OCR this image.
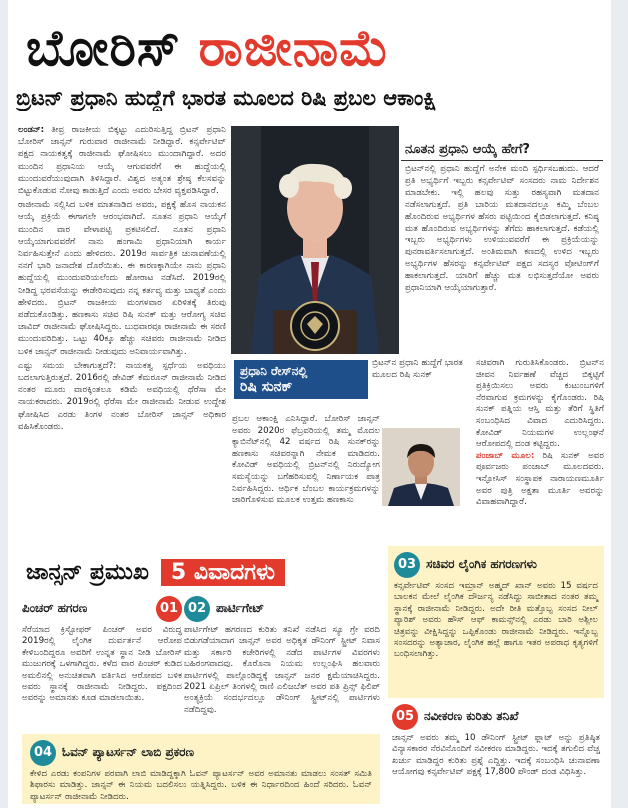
ಬೋರಿಸ್ ರಾಜೀನಾಮೆ
ಬ್ರಿಟನ್ ಪ್ರಧಾನಿ ಹುದ್ದೆಗೆ ಭಾರತ ಮೂಲದ ರಿಷಿ ಪ್ರಬಲ ಆಕಾಂಕ್ಷಿ

ಲಂಡನ್: ತೀವ್ರ ರಾಜಕೀಯ ಬಿಕ್ಕಟ್ಟು ಎದುರಿಸುತ್ತಿದ್ದ ಬ್ರಿಟನ್ ಪ್ರಧಾನಿ ಬೋರಿಸ್ ಜಾನ್ಸನ್ ಗುರುವಾರ ರಾಜೀನಾಮೆ ನೀಡಿದ್ದಾರೆ. ಕನ್ಸರ್ವೇಟಿವ್ ಪಕ್ಷದ ನಾಯಕತ್ವಕ್ಕೆ ರಾಜೀನಾಮೆ ಘೋಷಿಸಲು ಮುಂದಾಗಿದ್ದಾರೆ. ಅದರ ಮುಂದಿನ ಪ್ರಧಾನಿಯ ಆಯ್ಕೆ ಆಗುವವರೆಗೆ ಈ ಹುದ್ದೆಯಲ್ಲಿ ಮುಂದುವರೆಯುವುದಾಗಿ ತಿಳಿಸಿದ್ದಾರೆ. ವಿಶ್ವದ ಅತ್ಯಂತ ಶ್ರೇಷ್ಠ ಕೆಲಸವನ್ನು ಬಿಟ್ಟುಕೊಡುವ ನೋವು ಕಾಡುತ್ತಿದೆ ಎಂದು ಅವರು ಬೇಸರ ವ್ಯಕ್ತಪಡಿಸಿದ್ದಾರೆ.

ರಾಜೀನಾಮೆ ಸಲ್ಲಿಸಿದ ಬಳಿಕ ಮಾತನಾಡಿದ ಅವರು, ಪಕ್ಷಕ್ಕೆ ಹೊಸ ನಾಯಕನ ಆಯ್ಕೆ ಪ್ರಕ್ರಿಯೆ ಈಗಾಗಲೇ ಆರಂಭವಾಗಿದೆ. ನೂತನ ಪ್ರಧಾನಿ ಆಯ್ಕೆಗೆ ಮುಂದಿನ ವಾರ ವೇಳಾಪಟ್ಟಿ ಪ್ರಕಟಿಸಲಿದೆ. ನೂತನ ಪ್ರಧಾನಿ ಆಯ್ಕೆಯಾಗುವವರೆಗೆ ನಾನು ಹಂಗಾಮಿ ಪ್ರಧಾನಿಯಾಗಿ ಕಾರ್ಯ ನಿರ್ವಹಿಸುತ್ತೇನೆ ಎಂದು ಹೇಳಿದರು. 2019ರ ಸಾರ್ವತ್ರಿಕ ಚುನಾವಣೆಯಲ್ಲಿ ನನಗೆ ಭಾರಿ ಜನಾದೇಶ ದೊರೆಯಿತು. ಈ ಕಾರಣಕ್ಕಾಗಿಯೇ ನಾನು ಪ್ರಧಾನಿ ಹುದ್ದೆಯಲ್ಲಿ ಮುಂದುವರಿಯಲೆಂದು ಹೋರಾಟ ನಡೆಸಿದೆ. 2019ರಲ್ಲಿ ನೀಡಿದ್ದ ಭರವಸೆಯನ್ನು ಈಡೇರಿಸುವುದು ನನ್ನ ಕರ್ತವ್ಯ ಮತ್ತು ಬಾಧ್ಯತೆ ಎಂದು ಹೇಳಿದರು. ಬ್ರಿಟನ್ ರಾಜಕೀಯ ಮಂಗಳವಾರ ಏರಿಳಿತಕ್ಕೆ ತಿರುವು ಪಡೆದುಕೊಂಡಿತ್ತು. ಹಣಕಾಸು ಸಚಿವ ರಿಷಿ ಸುನಕ್ ಮತ್ತು ಆರೋಗ್ಯ ಸಚಿವ ಜಾವಿದ್ ರಾಜೀನಾಮೆ ಘೋಷಿಸಿದ್ದರು. ಬುಧವಾರವೂ ರಾಜೀನಾಮೆ ಈ ಸರಣಿ ಮುಂದುವರಿದಿತ್ತು. ಒಟ್ಟು 40ಕ್ಕೂ ಹೆಚ್ಚು ಸಚಿವರು ರಾಜೀನಾಮೆ ನೀಡಿದ ಬಳಿಕ ಜಾನ್ಸನ್ ರಾಜೀನಾಮೆ ನೀಡುವುದು ಅನಿವಾರ್ಯವಾಗಿತ್ತು.

ಎಷ್ಟು ಸಮಯ ಬೇಕಾಗುತ್ತದೆ?: ನಾಯಕತ್ವ ಸ್ಪರ್ಧೆಯ ಅವಧಿಯು ಬದಲಾಗುತ್ತಿರುತ್ತದೆ. 2016ರಲ್ಲಿ ಡೇವಿಡ್ ಕೆಮರೂನ್ ರಾಜೀನಾಮೆ ನೀಡಿದ ನಂತರ ಮೂರು ವಾರಕ್ಕಿಂತಲೂ ಕಡಿಮೆ ಅವಧಿಯಲ್ಲಿ ಥೆರೆಸಾ ಮೇ ನಾಯಕರಾದರು. 2019ರಲ್ಲಿ ಥೆರೆಸಾ ಮೇ ರಾಜೀನಾಮೆ ನೀಡುವ ಉದ್ದೇಶ ಘೋಷಿಸಿದ ಎರಡು ತಿಂಗಳ ನಂತರ ಬೋರಿಸ್ ಜಾನ್ಸನ್ ಅಧಿಕಾರ ವಹಿಸಿಕೊಂಡರು.

ನೂತನ ಪ್ರಧಾನಿ ಆಯ್ಕೆ ಹೇಗೆ?
ಬ್ರಿಟನ್‌ನಲ್ಲಿ ಪ್ರಧಾನಿ ಹುದ್ದೆಗೆ ಅನೇಕ ಮಂದಿ ಸ್ಪರ್ಧಿಸಬಹುದು. ಆದರೆ ಪ್ರತಿ ಅಭ್ಯರ್ಥಿಗೆ ಇಬ್ಬರು ಕನ್ಸರ್ವೇಟಿವ್ ಸಂಸದರು ನಾಮ ನಿರ್ದೇಶನ ಮಾಡಬೇಕು. ಇಲ್ಲಿ ಹಲವು ಸುತ್ತು ರಹಸ್ಯವಾಗಿ ಮತದಾನ ನಡೆಸಲಾಗುತ್ತದೆ. ಪ್ರತಿ ಬಾರಿಯ ಮತದಾನದಲ್ಲೂ ಕಮ್ಮಿ ಬೆಂಬಲ ಹೊಂದಿರುವ ಅಭ್ಯರ್ಥಿಗಳ ಹೆಸರು ಪಟ್ಟಿಯಿಂದ ಕೈಬಿಡಲಾಗುತ್ತದೆ. ಕನಿಷ್ಠ ಮತ ಹೊಂದಿರುವ ಅಭ್ಯರ್ಥಿಗಳನ್ನು ತೆಗೆದು ಹಾಕಲಾಗುತ್ತದೆ. ಕಡೆಯಲ್ಲಿ ಇಬ್ಬರು ಅಭ್ಯರ್ಥಿಗಳು ಉಳಿಯುವವರೆಗೆ ಈ ಪ್ರಕ್ರಿಯೆಯನ್ನು ಪುನರಾವರ್ತಿಸಲಾಗುತ್ತದೆ. ಅಂತಿಮವಾಗಿ ಕಣದಲ್ಲಿ ಉಳಿದ ಇಬ್ಬರು ಅಭ್ಯರ್ಥಿಗಳ ಹೆಸರನ್ನು ಕನ್ಸರ್ವೇಟಿವ್ ಪಕ್ಷದ ಸದಸ್ಯರ ವೋಟಿಂಗ್‌ಗೆ ಹಾಕಲಾಗುತ್ತದೆ. ಯಾರಿಗೆ ಹೆಚ್ಚು ಮತ ಲಭಿಸುತ್ತದೆಯೋ ಅವರು ಪ್ರಧಾನಿಯಾಗಿ ಆಯ್ಕೆಯಾಗುತ್ತಾರೆ.
ಪ್ರಧಾನಿ ರೇಸ್‌ನಲ್ಲಿ
ರಿಷಿ ಸುನಕ್
ಬ್ರಿಟನ್‌ನ ಪ್ರಧಾನಿ ಹುದ್ದೆಗೆ ಭಾರತ ಮೂಲದ ರಿಷಿ ಸುನಕ್
ಪ್ರಬಲ ಆಕಾಂಕ್ಷಿ ಎನಿಸಿದ್ದಾರೆ. ಬೋರಿಸ್ ಜಾನ್ಸನ್ ಅವರು 2020ರ ಫೆಬ್ರವರಿಯಲ್ಲಿ ತಮ್ಮ ಮೊದಲ ಕ್ಯಾಬಿನೆಟ್‌ನಲ್ಲಿ 42 ವರ್ಷದ ರಿಷಿ ಸುನಕ್‌ರನ್ನು ಹಣಕಾಸು ಸಚಿವರನ್ನಾಗಿ ನೇಮಕ ಮಾಡಿದರು. ಕೋವಿಡ್ ಅವಧಿಯಲ್ಲಿ ಬ್ರಿಟನ್‌ನಲ್ಲಿ ನಿರುದ್ಯೋಗ ಸಮಸ್ಯೆಯನ್ನು ಬಗೆಹರಿಸುವಲ್ಲಿ ನಿರ್ಣಾಯಕ ಪಾತ್ರ ನಿರ್ವಹಿಸಿದ್ದರು. ಆರ್ಥಿಕ ಬೆಂಬಲ ಕಾರ್ಯಕ್ರಮಗಳನ್ನು ಜಾರಿಗೊಳಿಸುವ ಮೂಲಕ ಉತ್ತಮ ಹಣಕಾಸು

ಸಚಿವರಾಗಿ ಗುರುತಿಸಿಕೊಂಡರು. ಬ್ರಿಟನ್‌ನ ಜೀವನ ನಿರ್ವಹಣೆ ವೆಚ್ಚದ ಬಿಕ್ಕಟ್ಟಿಗೆ ಪ್ರತಿಕ್ರಿಯಿಸಲು ಅವರು ಕುಟುಂಬಗಳಿಗೆ ನೆರವಾಗುವ ಕ್ರಮಗಳನ್ನು ಕೈಗೊಂಡರು. ರಿಷಿ ಸುನಕ್ ಪತ್ನಿಯ ಆಸ್ತಿ ಮತ್ತು ತೆರಿಗೆ ಸ್ಥಿತಿಗೆ ಸಂಬಂಧಿಸಿದ ವಿವಾದ ಎದುರಿಸಿದ್ದರು. ಕೋವಿಡ್ ನಿಯಮಗಳ ಉಲ್ಲಂಘನೆ ಆರೋಪದಲ್ಲಿ ದಂಡ ಕಟ್ಟಿದ್ದರು.

ಪಂಜಾಬ್ ಮೂಲ: ರಿಷಿ ಸುನಕ್ ಅವರ ಪೂರ್ವಜರು ಪಂಜಾಬ್ ಮೂಲದವರು. ಇನ್ಫೋಸಿಸ್ ಸಂಸ್ಥಾಪಕ ನಾರಾಯಣಮೂರ್ತಿ ಅವರ ಪುತ್ರಿ ಅಕ್ಷತಾ ಮೂರ್ತಿ ಅವರನ್ನು ವಿವಾಹವಾಗಿದ್ದಾರೆ.

ಜಾನ್ಸನ್ ಪ್ರಮುಖ	5 ವಿವಾದಗಳು
ಪಿಂಚರ್ ಹಗರಣ	01
ಸೆರೆಯಾದ ಕ್ರಿಸ್ಟೋಫರ್ ಪಿಂಚರ್ ಅವರ ವಿರುದ್ಧ 2019ರಲ್ಲಿ ಲೈಂಗಿಕ ದುರ್ವರ್ತನೆ ಆರೋಪ ಕೇಳಿಬಂದಿದ್ದರೂ ಅವರಿಗೆ ಉನ್ನತ ಸ್ಥಾನ ನೀಡಿ ಬೋರಿಸ್ ಮುಜುಗರಕ್ಕೆ ಒಳಗಾಗಿದ್ದರು. ಕಳೆದ ವಾರ ಪಿಂಚರ್ ಕುಡಿದ ಅಮಲಿನಲ್ಲಿ ಅನುಚಿತವಾಗಿ ವರ್ತಿಸಿದ ಆರೋಪದ ಬಳಿಕ ಅವರು ಸ್ಥಾನಕ್ಕೆ ರಾಜೀನಾಮೆ ನೀಡಿದ್ದರು. ಪಕ್ಷದಿಂದ ಅವರನ್ನು ಅಮಾನತು ಕೂಡ ಮಾಡಲಾಯಿತು.
02 ಪಾರ್ಟಿಗೇಟ್
ಪಾರ್ಟಿಗೇಟ್ ಹಗರಣದ ಕುರಿತು ತನಿಖೆ ನಡೆಸಿದ ಸ್ಯೂ ಗ್ರೇ ವರದಿ ಬಿಡುಗಡೆಯಾದಾಗ ಜಾನ್ಸನ್ ಅವರ ಅಧಿಕೃತ ಡೌನಿಂಗ್ ಸ್ಟ್ರೀಟ್ ನಿವಾಸ ಮತ್ತು ಸರ್ಕಾರಿ ಕಚೇರಿಗಳಲ್ಲಿ ನಡೆದ ಪಾರ್ಟಿಗಳ ವಿವರಗಳು ಬಹಿರಂಗವಾದವು. ಕೊರೊನಾ ನಿಯಮ ಉಲ್ಲಂಘಿಸಿ ಹಲವಾರು ಪಾರ್ಟಿಗಳಲ್ಲಿ ಪಾಲ್ಗೊಂಡಿದ್ದಕ್ಕೆ ಜಾನ್ಸನ್ ಜನರ ಕ್ಷಮೆಯಾಚಿಸಿದ್ದರು. 2021 ಏಪ್ರಿಲ್ ತಿಂಗಳಲ್ಲಿ ರಾಣಿ ಎಲಿಜಬೆತ್ ಅವರ ಪತಿ ಪ್ರಿನ್ಸ್ ಫಿಲಿಪ್ ಅಂತ್ಯಕ್ರಿಯೆ ಸಂದರ್ಭದಲ್ಲೂ ಡೌನಿಂಗ್ ಸ್ಟ್ರೀಟ್‌ನಲ್ಲಿ ಪಾರ್ಟಿಗಳು ನಡೆದಿದ್ದವು.
03 ಸಚಿವರ ಲೈಂಗಿಕ ಹಗರಣಗಳು
ಕನ್ಸರ್ವೇಟಿವ್ ಸಂಸದ ಇಮ್ರಾನ್ ಅಹ್ಮದ್ ಖಾನ್ ಅವರು 15 ವರ್ಷದ ಬಾಲಕನ ಮೇಲೆ ಲೈಂಗಿಕ ದೌರ್ಜನ್ಯ ನಡೆಸಿದ್ದು ಸಾಬೀತಾದ ನಂತರ ತಮ್ಮ ಸ್ಥಾನಕ್ಕೆ ರಾಜೀನಾಮೆ ನೀಡಿದ್ದರು. ಅದೇ ರೀತಿ ಮತ್ತೊಬ್ಬ ಸಂಸದ ನೀಲ್ ಪ್ಯಾರಿಶ್ ಅವರು ಹೌಸ್ ಆಫ್ ಕಾಮನ್ಸ್‌ನಲ್ಲಿ ಎರಡು ಬಾರಿ ಅಶ್ಲೀಲ ಚಿತ್ರವನ್ನು ವೀಕ್ಷಿಸಿದ್ದನ್ನು ಒಪ್ಪಿಕೊಂಡು ರಾಜೀನಾಮೆ ನೀಡಿದ್ದರು. ಇನ್ನೊಬ್ಬ ಸಂಸದರನ್ನು ಅತ್ಯಾಚಾರ, ಲೈಂಗಿಕ ಹಲ್ಲೆ ಹಾಗೂ ಇತರ ಅಪರಾಧ ಕೃತ್ಯಗಳಿಗೆ ಬಂಧಿಸಲಾಗಿತ್ತು.
04 ಓವನ್ ಪ್ಯಾಟರ್ಸನ್ ಲಾಬಿ ಪ್ರಕರಣ
ಕೇಳಿದ ಎರಡು ಕಂಪನಿಗಳ ಪರವಾಗಿ ಲಾಬಿ ಮಾಡಿದ್ದಕ್ಕಾಗಿ ಓವನ್ ಪ್ಯಾಟರ್ಸನ್ ಅವರ ಅಮಾನತು ಮಾಡಲು ಸಂಸತ್ ಸಮಿತಿ ಶಿಫಾರಸು ಮಾಡಿತ್ತು. ಜಾನ್ಸನ್ ಈ ನಿಯಮ ಬದಲಿಸಲು ಯತ್ನಿಸಿದ್ದರು. ಬಳಿಕ ಈ ನಿರ್ಧಾರದಿಂದ ಹಿಂದೆ ಸರಿದರು. ಓವನ್ ಪ್ಯಾಟರ್ಸನ್ ರಾಜೀನಾಮೆ ನೀಡಿದರು.
05 ನವೀಕರಣ ಕುರಿತು ತನಿಖೆ
ಜಾನ್ಸನ್ ಅವರು ತಮ್ಮ 10 ಡೌನಿಂಗ್ ಸ್ಟ್ರೀಟ್ ಫ್ಲಾಟ್ ಅನ್ನು ಪ್ರತಿಷ್ಠಿತ ವಿನ್ಯಾಸಕಾರರ ನೆರವಿನೊಂದಿಗೆ ನವೀಕರಣ ಮಾಡಿದ್ದರು. ಇದಕ್ಕೆ ತಗುಲಿದ ವೆಚ್ಚ ಖರ್ಚು ಮಾಡಿದ್ದರ ಕುರಿತು ಪ್ರಶ್ನೆ ಎದ್ದಿತ್ತು. ಇದಕ್ಕೆ ಸಂಬಂಧಿಸಿ ಚುನಾವಣಾ ಆಯೋಗವು ಕನ್ಸರ್ವೇಟಿವ್ ಪಕ್ಷಕ್ಕೆ 17,800 ಪೌಂಡ್ ದಂಡ ವಿಧಿಸಿತ್ತು.
